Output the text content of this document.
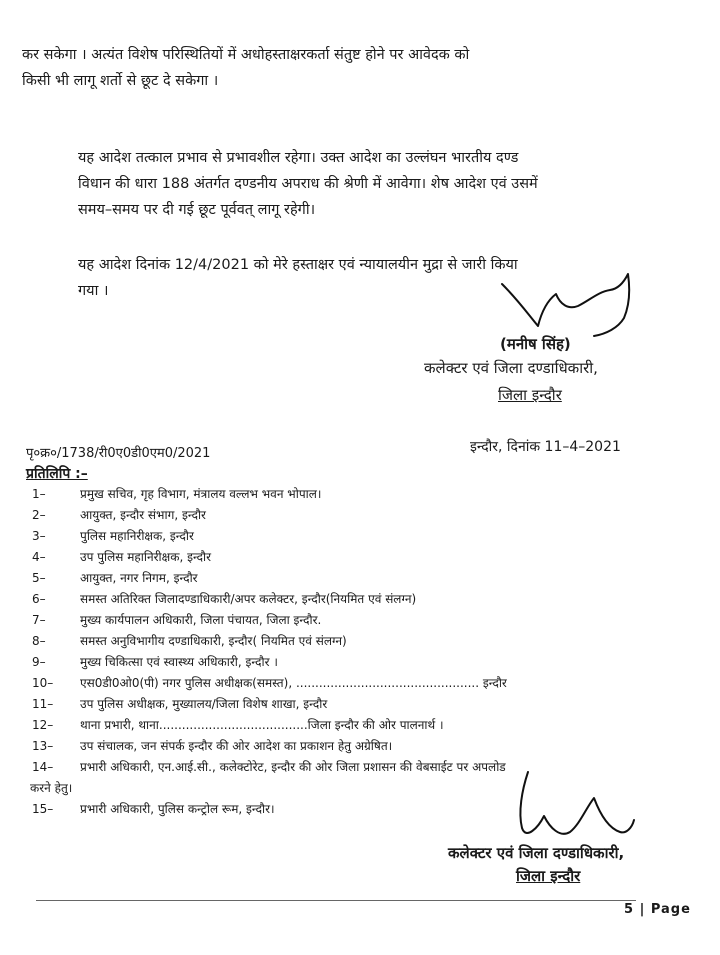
कर सकेगा । अत्यंत विशेष परिस्थितियों में अधोहस्ताक्षरकर्ता संतुष्ट होने पर आवेदक को
किसी भी लागू शर्तो से छूट दे सकेगा ।

यह आदेश तत्काल प्रभाव से प्रभावशील रहेगा। उक्त आदेश का उल्लंघन भारतीय दण्ड
विधान की धारा 188 अंतर्गत दण्डनीय अपराध की श्रेणी में आवेगा। शेष आदेश एवं उसमें
समय–समय पर दी गई छूट पूर्ववत् लागू रहेगी।

यह आदेश दिनांक 12/4/2021 को मेरे हस्ताक्षर एवं न्यायालयीन मुद्रा से जारी किया
गया ।

(मनीष सिंह)
कलेक्टर एवं जिला दण्डाधिकारी,
जिला इन्दौर
पृ०क्र०/1738/री0ए0डी0एम0/2021	इन्दौर, दिनांक 11–4–2021
प्रतिलिपि :–
1–	प्रमुख सचिव, गृह विभाग, मंत्रालय वल्लभ भवन भोपाल।
2–	आयुक्त, इन्दौर संभाग, इन्दौर
3–	पुलिस महानिरीक्षक, इन्दौर
4–	उप पुलिस महानिरीक्षक, इन्दौर
5–	आयुक्त, नगर निगम, इन्दौर
6–	समस्त अतिरिक्त जिलादण्डाधिकारी/अपर कलेक्टर, इन्दौर(नियमित एवं संलग्न)
7–	मुख्य कार्यपालन अधिकारी, जिला पंचायत, जिला इन्दौर.
8–	समस्त अनुविभागीय दण्डाधिकारी, इन्दौर( नियमित एवं संलग्न)
9–	मुख्य चिकित्सा एवं स्वास्थ्य अधिकारी, इन्दौर ।
10– एस0डी0ओ0(पी) नगर पुलिस अधीक्षक(समस्त), ................................................ इन्दौर
11– उप पुलिस अधीक्षक, मुख्यालय/जिला विशेष शाखा, इन्दौर
12– थाना प्रभारी, थाना.......................................जिला इन्दौर की ओर पालनार्थ ।
13– उप संचालक, जन संपर्क इन्दौर की ओर आदेश का प्रकाशन हेतु अग्रेषित।
14– प्रभारी अधिकारी, एन.आई.सी., कलेक्टोरेट, इन्दौर की ओर जिला प्रशासन की वेबसाईट पर अपलोड
करने हेतु।
15– प्रभारी अधिकारी, पुलिस कन्ट्रोल रूम, इन्दौर।
कलेक्टर एवं जिला दण्डाधिकारी,
जिला इन्दौर
5 | Page
